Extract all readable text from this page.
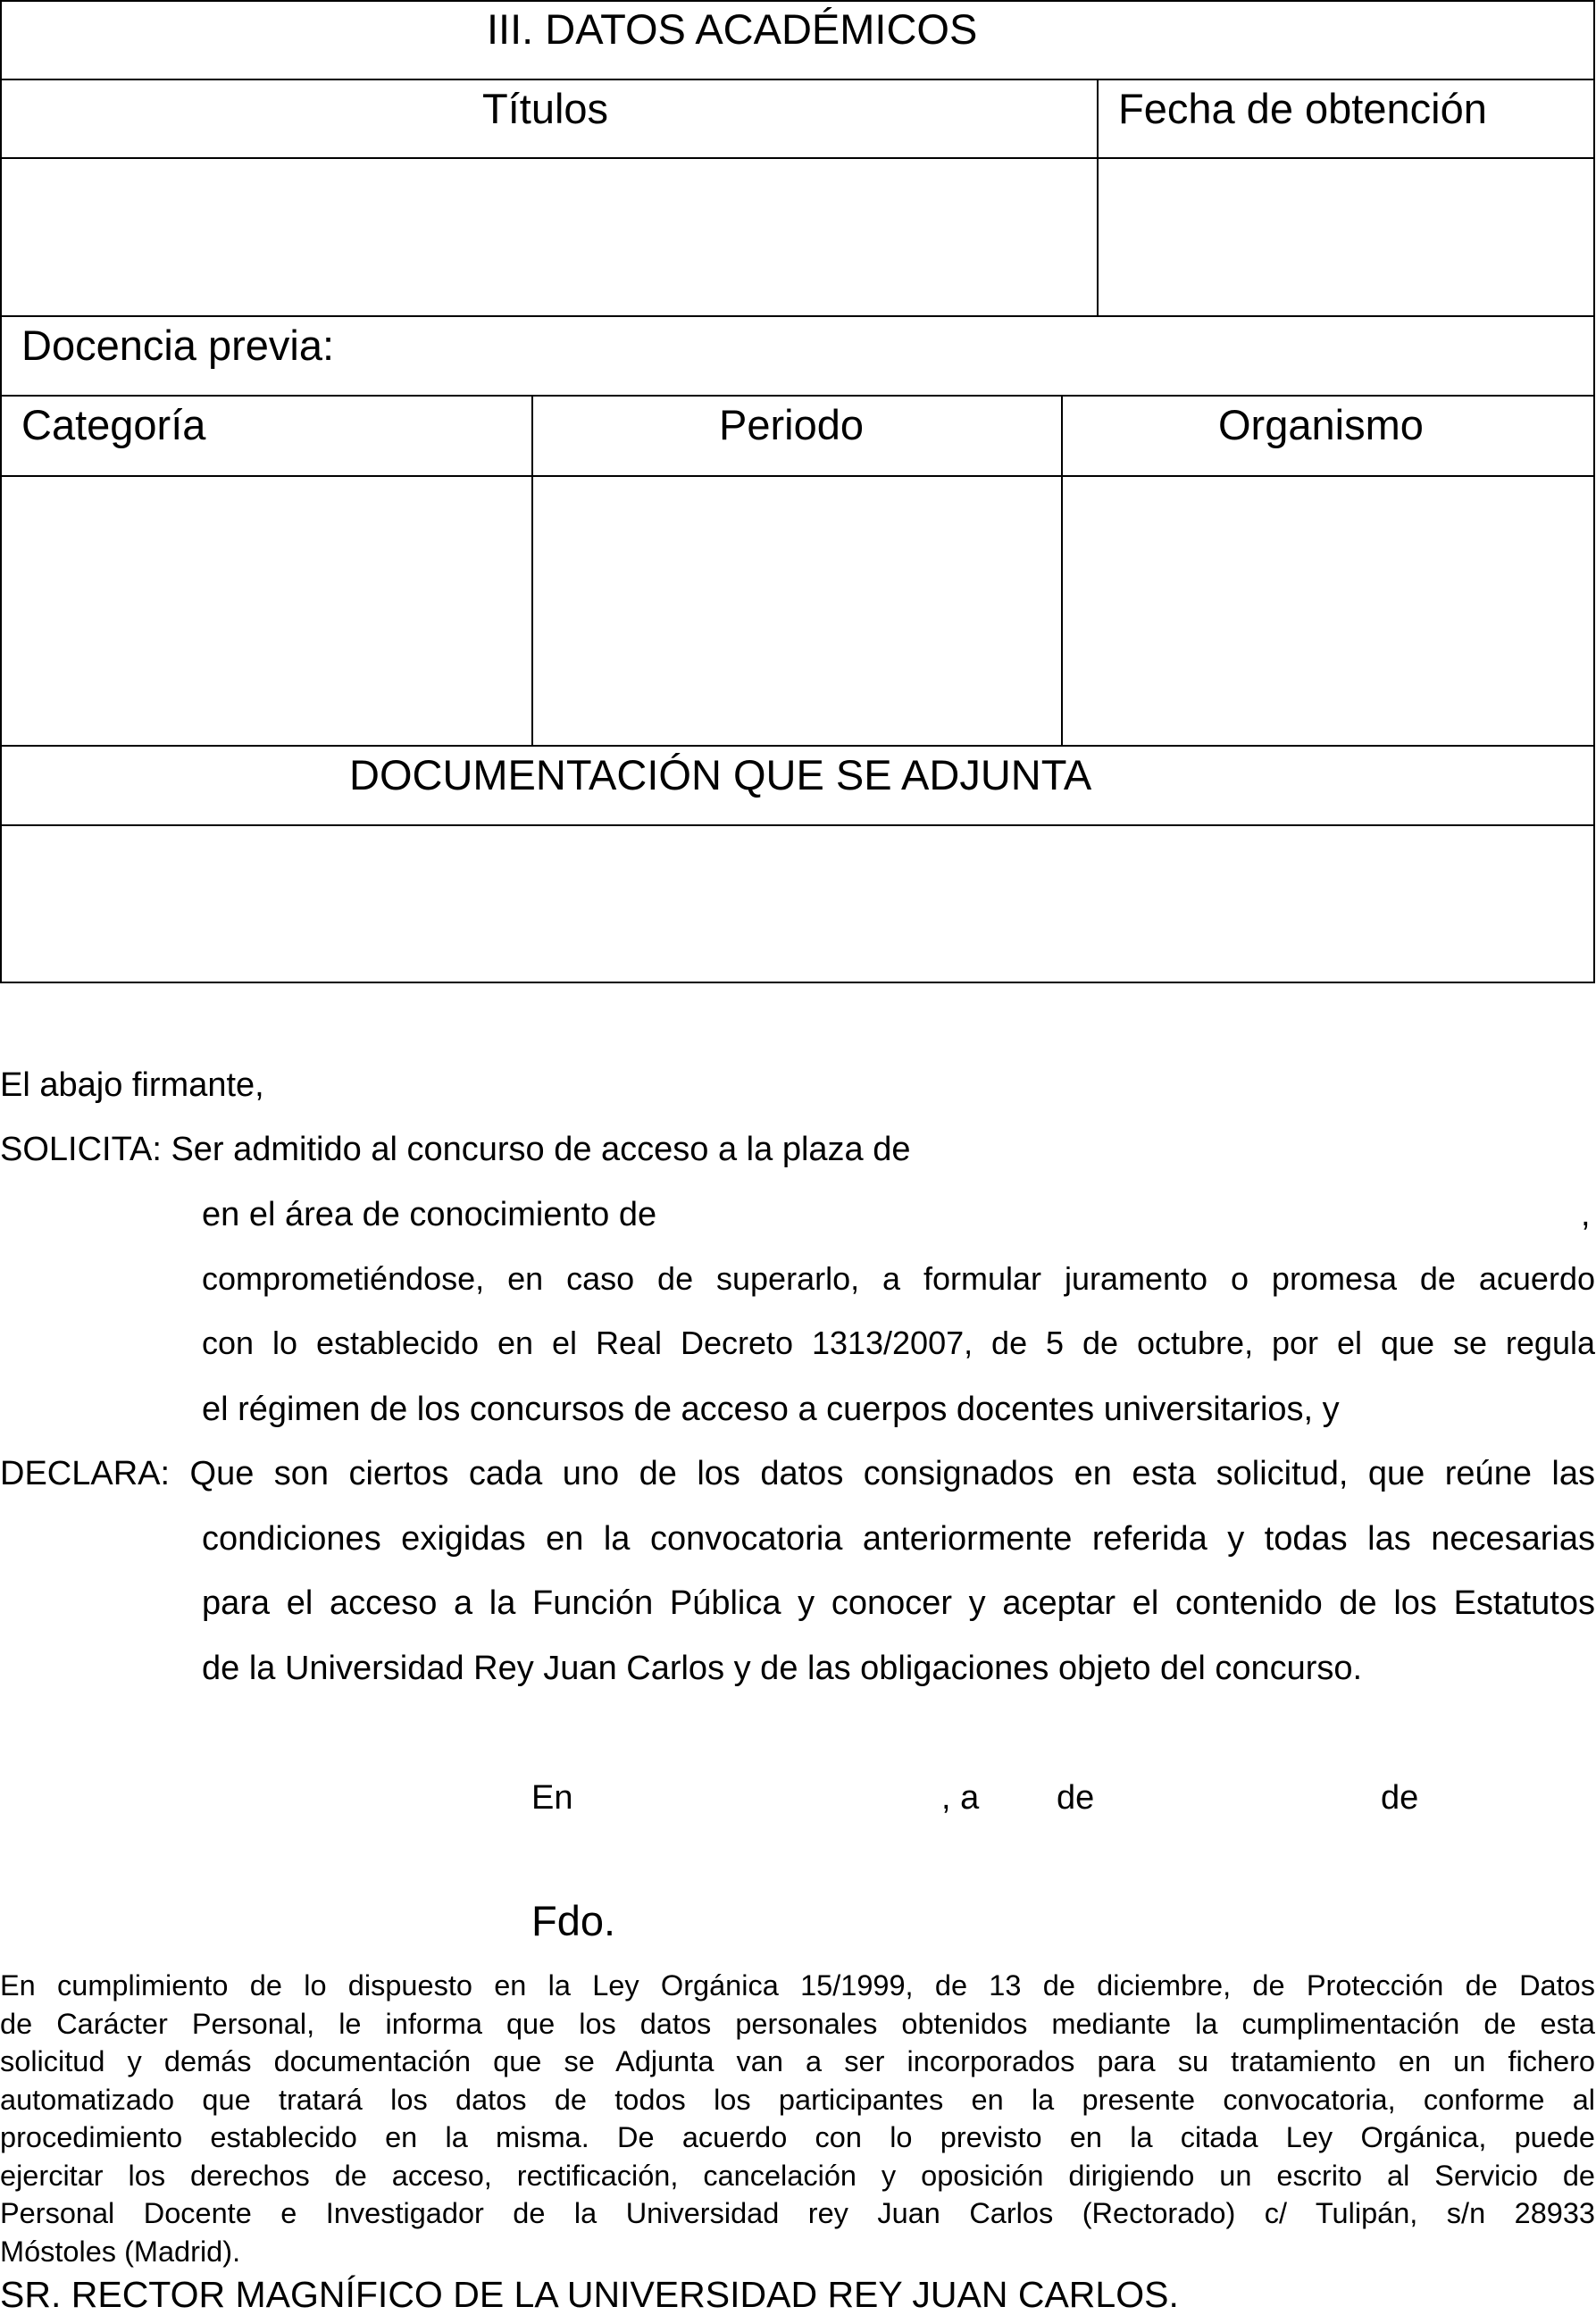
III. DATOS ACADÉMICOS
Títulos	Fecha de obtención
Docencia previa:
Categoría	Periodo	Organismo
DOCUMENTACIÓN QUE SE ADJUNTA
El abajo firmante,
SOLICITA: Ser admitido al concurso de acceso a la plaza de
en el área de conocimiento de	,
comprometiéndose, en caso de superarlo, a formular juramento o promesa de acuerdo
con lo establecido en el Real Decreto 1313/2007, de 5 de octubre, por el que se regula
el régimen de los concursos de acceso a cuerpos docentes universitarios, y
DECLARA: Que son ciertos cada uno de los datos consignados en esta solicitud, que reúne las
condiciones exigidas en la convocatoria anteriormente referida y todas las necesarias
para el acceso a la Función Pública y conocer y aceptar el contenido de los Estatutos
de la Universidad Rey Juan Carlos y de las obligaciones objeto del concurso.
En	, a de	de
Fdo.
En cumplimiento de lo dispuesto en la Ley Orgánica 15/1999, de 13 de diciembre, de Protección de Datos
de Carácter Personal, le informa que los datos personales obtenidos mediante la cumplimentación de esta
solicitud y demás documentación que se Adjunta van a ser incorporados para su tratamiento en un fichero
automatizado que tratará los datos de todos los participantes en la presente convocatoria, conforme al
procedimiento establecido en la misma. De acuerdo con lo previsto en la citada Ley Orgánica, puede
ejercitar los derechos de acceso, rectificación, cancelación y oposición dirigiendo un escrito al Servicio de
Personal Docente e Investigador de la Universidad rey Juan Carlos (Rectorado) c/ Tulipán, s/n 28933
Móstoles (Madrid).
SR. RECTOR MAGNÍFICO DE LA UNIVERSIDAD REY JUAN CARLOS.
